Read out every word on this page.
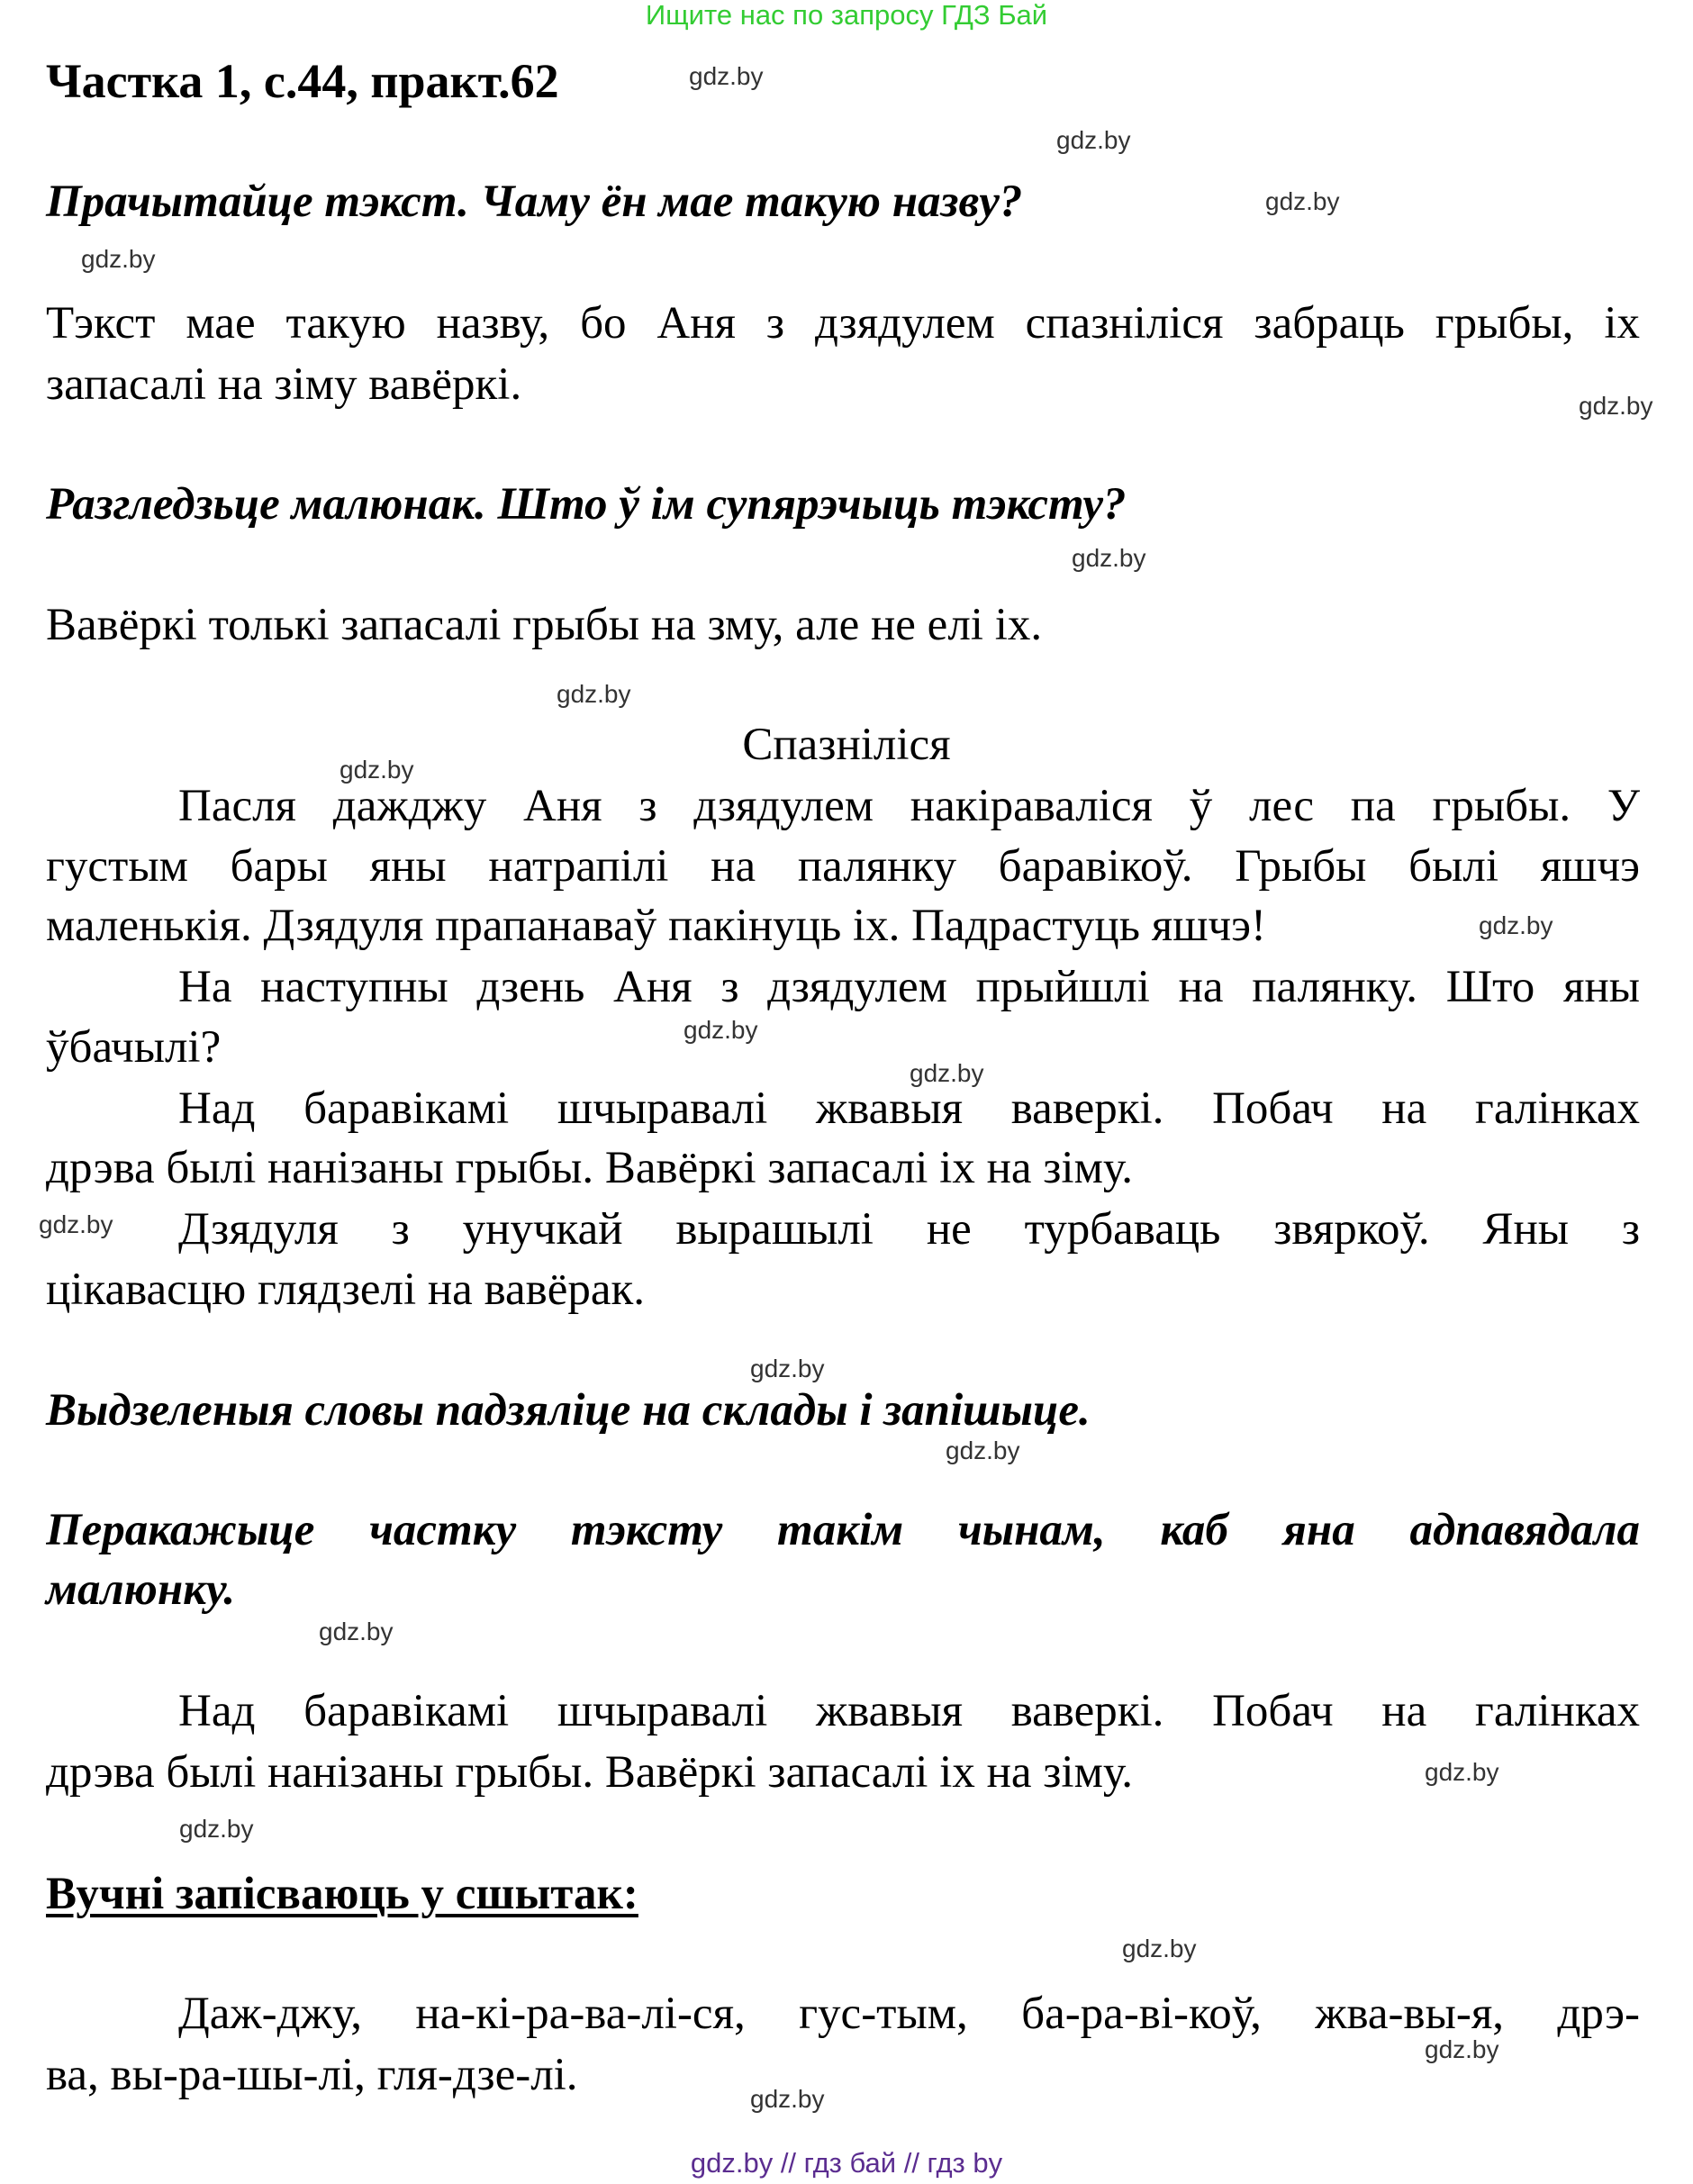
Ищите нас по запросу ГДЗ Бай
Частка 1, с.44, практ.62
Прачытайце тэкст. Чаму ён мае такую назву?
Тэкст мае такую назву, бо Аня з дзядулем спазніліся забраць грыбы, іх
запасалі на зіму вавёркі.
Разгледзьце малюнак. Што ў ім супярэчыць тэксту?
Вавёркі толькі запасалі грыбы на зму, але не елі іх.
Спазніліся
Пасля дажджу Аня з дзядулем накіраваліся ў лес па грыбы. У
густым бары яны натрапілі на палянку баравікоў. Грыбы былі яшчэ
маленькія. Дзядуля прапанаваў пакінуць іх. Падрастуць яшчэ!
На наступны дзень Аня з дзядулем прыйшлі на палянку. Што яны
ўбачылі?
Над баравікамі шчыравалі жвавыя ваверкі. Побач на галінках
дрэва былі нанізаны грыбы. Вавёркі запасалі іх на зіму.
Дзядуля з унучкай вырашылі не турбаваць звяркоў. Яны з
цікавасцю глядзелі на вавёрак.
Выдзеленыя словы падзяліце на склады і запішыце.
Перакажыце частку тэксту такім чынам, каб яна адпавядала
малюнку.
Над баравікамі шчыравалі жвавыя ваверкі. Побач на галінках
дрэва былі нанізаны грыбы. Вавёркі запасалі іх на зіму.
Вучні запісваюць у сшытак:
Даж-джу, на-кі-ра-ва-лі-ся, гус-тым, ба-ра-ві-коў, жва-вы-я, дрэ-
ва, вы-ра-шы-лі, гля-дзе-лі.
gdz.by
gdz.by
gdz.by
gdz.by
gdz.by
gdz.by
gdz.by
gdz.by
gdz.by
gdz.by
gdz.by
gdz.by
gdz.by
gdz.by
gdz.by
gdz.by
gdz.by
gdz.by
gdz.by
gdz.by
gdz.by // гдз бай // гдз by
